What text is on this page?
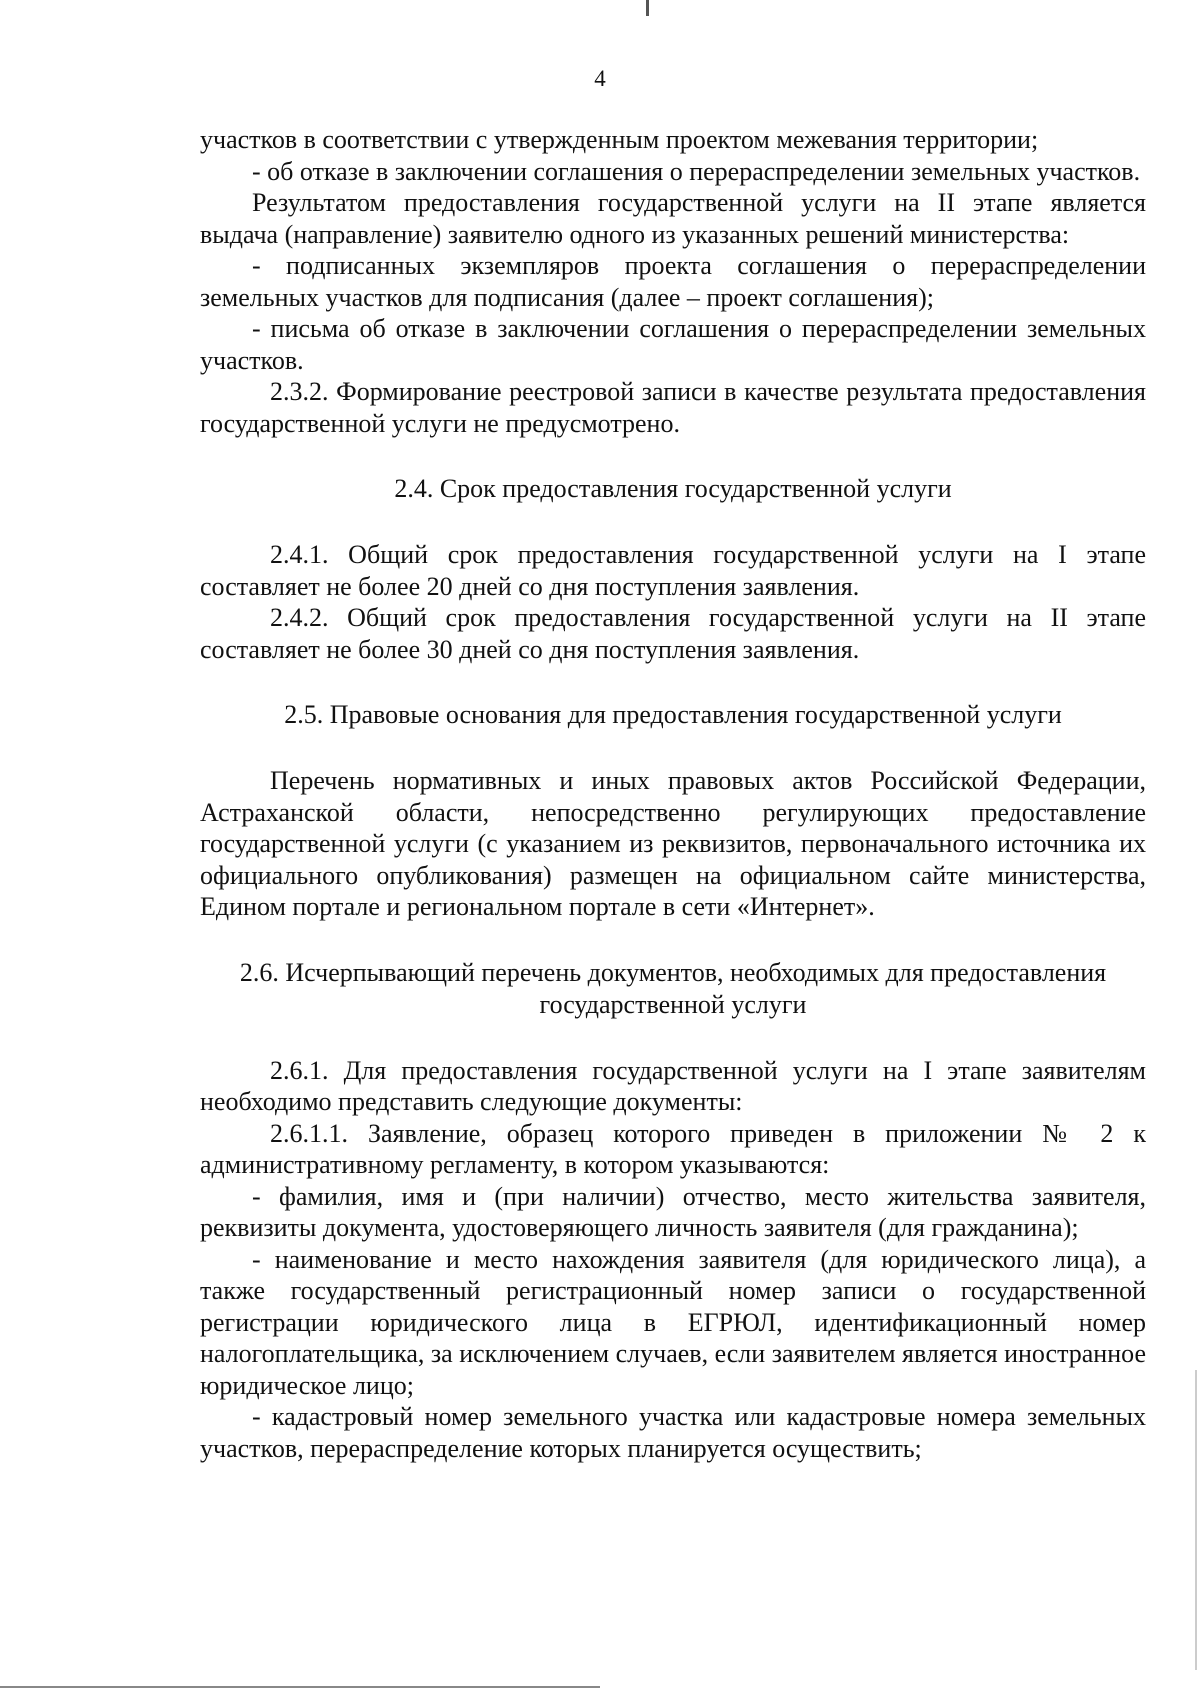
4

участков в соответствии с утвержденным проектом межевания территории;

- об отказе в заключении соглашения о перераспределении земельных участков.

Результатом предоставления государственной услуги на II этапе является выдача (направление) заявителю одного из указанных решений министерства:

- подписанных экземпляров проекта соглашения о перераспределении земельных участков для подписания (далее – проект соглашения);

- письма об отказе в заключении соглашения о перераспределении земельных участков.

2.3.2. Формирование реестровой записи в качестве результата предоставления государственной услуги не предусмотрено.

2.4. Срок предоставления государственной услуги

2.4.1. Общий срок предоставления государственной услуги на I этапе составляет не более 20 дней со дня поступления заявления.

2.4.2. Общий срок предоставления государственной услуги на II этапе составляет не более 30 дней со дня поступления заявления.

2.5. Правовые основания для предоставления государственной услуги

Перечень нормативных и иных правовых актов Российской Федерации, Астраханской области, непосредственно регулирующих предоставление государственной услуги (с указанием из реквизитов, первоначального источника их официального опубликования) размещен на официальном сайте министерства, Едином портале и региональном портале в сети «Интернет».

2.6. Исчерпывающий перечень документов, необходимых для предоставления государственной услуги

2.6.1. Для предоставления государственной услуги на I этапе заявителям необходимо представить следующие документы:

2.6.1.1. Заявление, образец которого приведен в приложении № 2 к административному регламенту, в котором указываются:

- фамилия, имя и (при наличии) отчество, место жительства заявителя, реквизиты документа, удостоверяющего личность заявителя (для гражданина);

- наименование и место нахождения заявителя (для юридического лица), а также государственный регистрационный номер записи о государственной регистрации юридического лица в ЕГРЮЛ, идентификационный номер налогоплательщика, за исключением случаев, если заявителем является иностранное юридическое лицо;

- кадастровый номер земельного участка или кадастровые номера земельных участков, перераспределение которых планируется осуществить;
